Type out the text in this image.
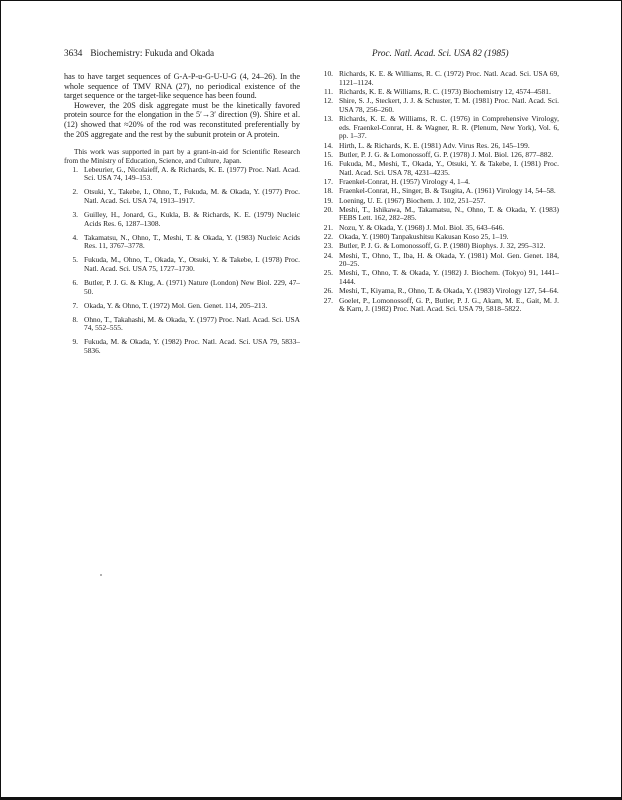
3634 Biochemistry: Fukuda and Okada	Proc. Natl. Acad. Sci. USA 82 (1985)

has to have target sequences of G-A-P-u-G-U-U-G (4, 24–26). In the whole sequence of TMV RNA (27), no periodical existence of the target sequence or the target-like sequence has been found.

However, the 20S disk aggregate must be the kinetically favored protein source for the elongation in the 5′→3′ direction (9). Shire et al. (12) showed that ≈20% of the rod was reconstituted preferentially by the 20S aggregate and the rest by the subunit protein or A protein.

This work was supported in part by a grant-in-aid for Scientific Research from the Ministry of Education, Science, and Culture, Japan.

1. Lebeurier, G., Nicolaieff, A. & Richards, K. E. (1977) Proc. Natl. Acad. Sci. USA 74, 149–153.
2. Otsuki, Y., Takebe, I., Ohno, T., Fukuda, M. & Okada, Y. (1977) Proc. Natl. Acad. Sci. USA 74, 1913–1917.
3. Guilley, H., Jonard, G., Kukla, B. & Richards, K. E. (1979) Nucleic Acids Res. 6, 1287–1308.
4. Takamatsu, N., Ohno, T., Meshi, T. & Okada, Y. (1983) Nucleic Acids Res. 11, 3767–3778.
5. Fukuda, M., Ohno, T., Okada, Y., Otsuki, Y. & Takebe, I. (1978) Proc. Natl. Acad. Sci. USA 75, 1727–1730.
6. Butler, P. J. G. & Klug, A. (1971) Nature (London) New Biol. 229, 47–50.
7. Okada, Y. & Ohno, T. (1972) Mol. Gen. Genet. 114, 205–213.
8. Ohno, T., Takahashi, M. & Okada, Y. (1977) Proc. Natl. Acad. Sci. USA 74, 552–555.
9. Fukuda, M. & Okada, Y. (1982) Proc. Natl. Acad. Sci. USA 79, 5833–5836.
10. Richards, K. E. & Williams, R. C. (1972) Proc. Natl. Acad. Sci. USA 69, 1121–1124.
11. Richards, K. E. & Williams, R. C. (1973) Biochemistry 12, 4574–4581.
12. Shire, S. J., Steckert, J. J. & Schuster, T. M. (1981) Proc. Natl. Acad. Sci. USA 78, 256–260.
13. Richards, K. E. & Williams, R. C. (1976) in Comprehensive Virology, eds. Fraenkel-Conrat, H. & Wagner, R. R. (Plenum, New York), Vol. 6, pp. 1–37.
14. Hirth, L. & Richards, K. E. (1981) Adv. Virus Res. 26, 145–199.
15. Butler, P. J. G. & Lomonossoff, G. P. (1978) J. Mol. Biol. 126, 877–882.
16. Fukuda, M., Meshi, T., Okada, Y., Otsuki, Y. & Takebe, I. (1981) Proc. Natl. Acad. Sci. USA 78, 4231–4235.
17. Fraenkel-Conrat, H. (1957) Virology 4, 1–4.
18. Fraenkel-Conrat, H., Singer, B. & Tsugita, A. (1961) Virology 14, 54–58.
19. Loening, U. E. (1967) Biochem. J. 102, 251–257.
20. Meshi, T., Ishikawa, M., Takamatsu, N., Ohno, T. & Okada, Y. (1983) FEBS Lett. 162, 282–285.
21. Nozu, Y. & Okada, Y. (1968) J. Mol. Biol. 35, 643–646.
22. Okada, Y. (1980) Tanpakushitsu Kakusan Koso 25, 1–19.
23. Butler, P. J. G. & Lomonossoff, G. P. (1980) Biophys. J. 32, 295–312.
24. Meshi, T., Ohno, T., Iba, H. & Okada, Y. (1981) Mol. Gen. Genet. 184, 20–25.
25. Meshi, T., Ohno, T. & Okada, Y. (1982) J. Biochem. (Tokyo) 91, 1441–1444.
26. Meshi, T., Kiyama, R., Ohno, T. & Okada, Y. (1983) Virology 127, 54–64.
27. Goelet, P., Lomonossoff, G. P., Butler, P. J. G., Akam, M. E., Gait, M. J. & Karn, J. (1982) Proc. Natl. Acad. Sci. USA 79, 5818–5822.
